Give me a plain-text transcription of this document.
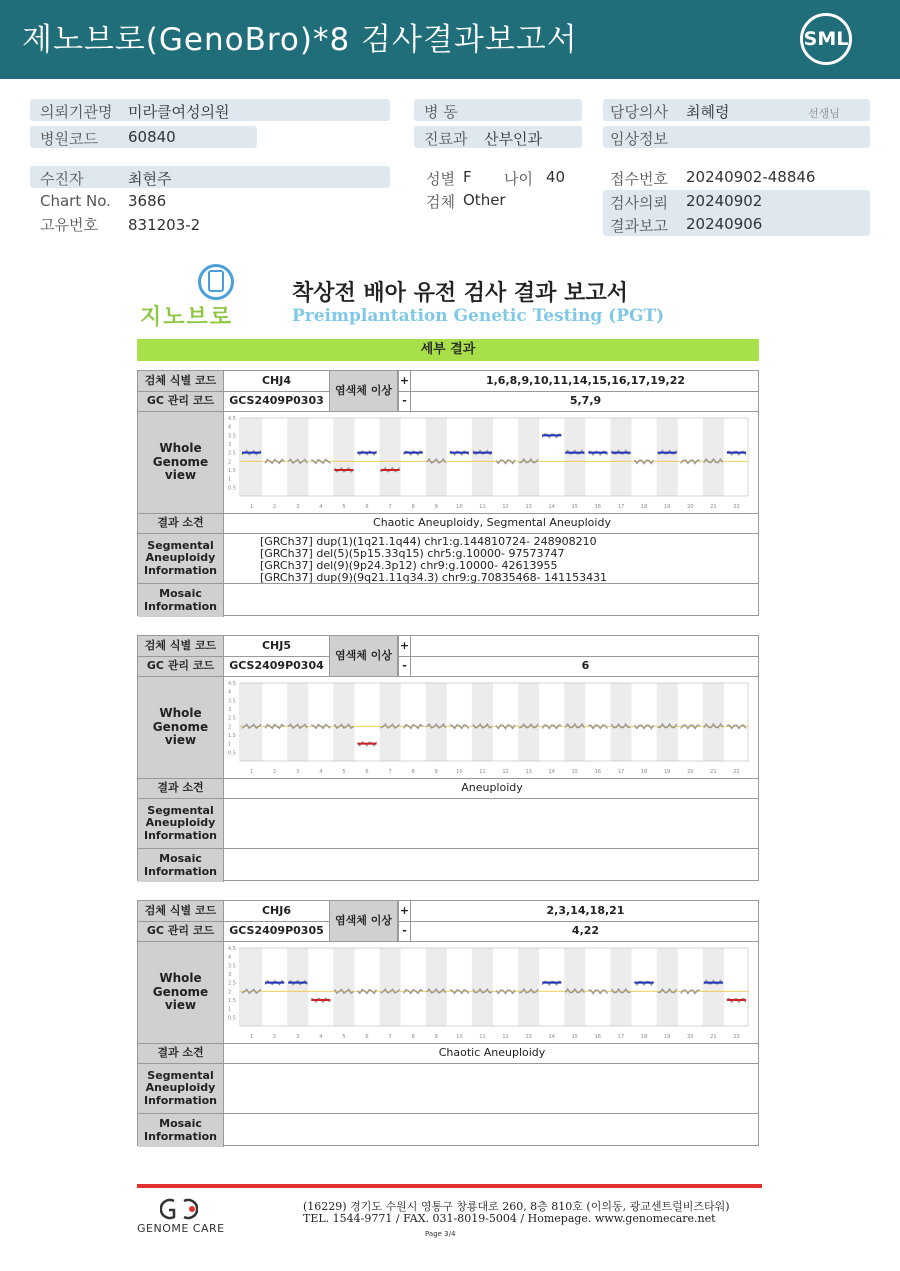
제노브로(GenoBro)*8 검사결과보고서	SML
의뢰기관명 미라클여성의원
병원코드 60840
병 동
진료과 산부인과
담당의사 최혜령	선생님
임상정보
수진자	최현주
Chart No. 3686
고유번호 831203-2
성별 F 나이 40
검체 Other
접수번호 20240902-48846
검사의뢰 20240902
결과보고 20240906
지노브로
착상전 배아 유전 검사 결과 보고서
Preimplantation Genetic Testing (PGT)
세부 결과
검체 식별 코드	CHJ4	+	1,6,8,9,10,11,14,15,16,17,19,22
GC 관리 코드	GCS2409P0303	-	5,7,9
염색체 이상
Whole Genome view
4.5
4
3.5
3
2.5
2
1.5
1
0.5
1	2	3	4	5	6	7	8	9	10	11	12	13	14	15	16	17	18	19	20	21	22
결과 소견	Chaotic Aneuploidy, Segmental Aneuploidy
Segmental Aneuploidy Information
[GRCh37] dup(1)(1q21.1q44) chr1:g.144810724- 248908210
[GRCh37] del(5)(5p15.33q15) chr5:g.10000- 97573747
[GRCh37] del(9)(9p24.3p12) chr9:g.10000- 42613955
[GRCh37] dup(9)(9q21.11q34.3) chr9:g.70835468- 141153431
Mosaic Information
검체 식별 코드	CHJ5	+
GC 관리 코드	GCS2409P0304	-	6
염색체 이상
Whole Genome view
4.5
4
3.5
3
2.5
2
1.5
1
0.5
1	2	3	4	5	6	7	8	9	10	11	12	13	14	15	16	17	18	19	20	21	22
결과 소견	Aneuploidy
Segmental Aneuploidy Information
Mosaic Information
검체 식별 코드	CHJ6	+	2,3,14,18,21
GC 관리 코드	GCS2409P0305	-	4,22
염색체 이상
Whole Genome view
4.5
4
3.5
3
2.5
2
1.5
1
0.5
1	2	3	4	5	6	7	8	9	10	11	12	13	14	15	16	17	18	19	20	21	22
결과 소견	Chaotic Aneuploidy
Segmental Aneuploidy Information
Mosaic Information
GENOME CARE
(16229) 경기도 수원시 영통구 창룡대로 260, 8층 810호 (이의동, 광교센트럴비즈타워)
TEL. 1544-9771 / FAX. 031-8019-5004 / Homepage. www.genomecare.net
Page 3/4
